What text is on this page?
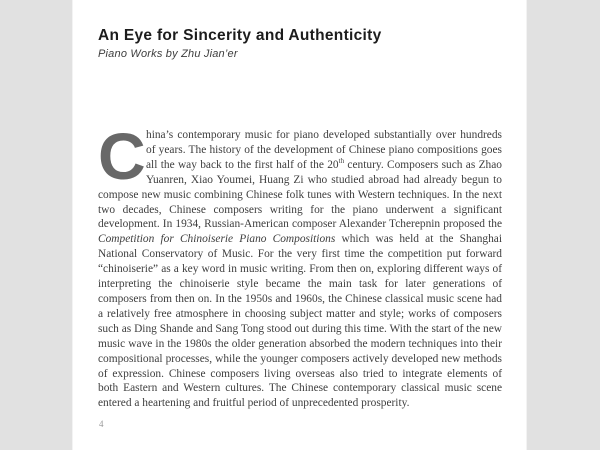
An Eye for Sincerity and Authenticity
Piano Works by Zhu Jian’er
China’s contemporary music for piano developed substantially over hundreds of years. The history of the development of Chinese piano compositions goes all the way back to the first half of the 20th century. Composers such as Zhao Yuanren, Xiao Youmei, Huang Zi who studied abroad had already begun to compose new music combining Chinese folk tunes with Western techniques. In the next two decades, Chinese composers writing for the piano underwent a significant development. In 1934, Russian-American composer Alexander Tcherepnin proposed the Competition for Chinoiserie Piano Compositions which was held at the Shanghai National Conservatory of Music. For the very first time the competition put forward “chinoiserie” as a key word in music writing. From then on, exploring different ways of interpreting the chinoiserie style became the main task for later generations of composers from then on. In the 1950s and 1960s, the Chinese classical music scene had a relatively free atmosphere in choosing subject matter and style; works of composers such as Ding Shande and Sang Tong stood out during this time. With the start of the new music wave in the 1980s the older generation absorbed the modern techniques into their compositional processes, while the younger composers actively developed new methods of expression. Chinese composers living overseas also tried to integrate elements of both Eastern and Western cultures. The Chinese contemporary classical music scene entered a heartening and fruitful period of unprecedented prosperity.
4
